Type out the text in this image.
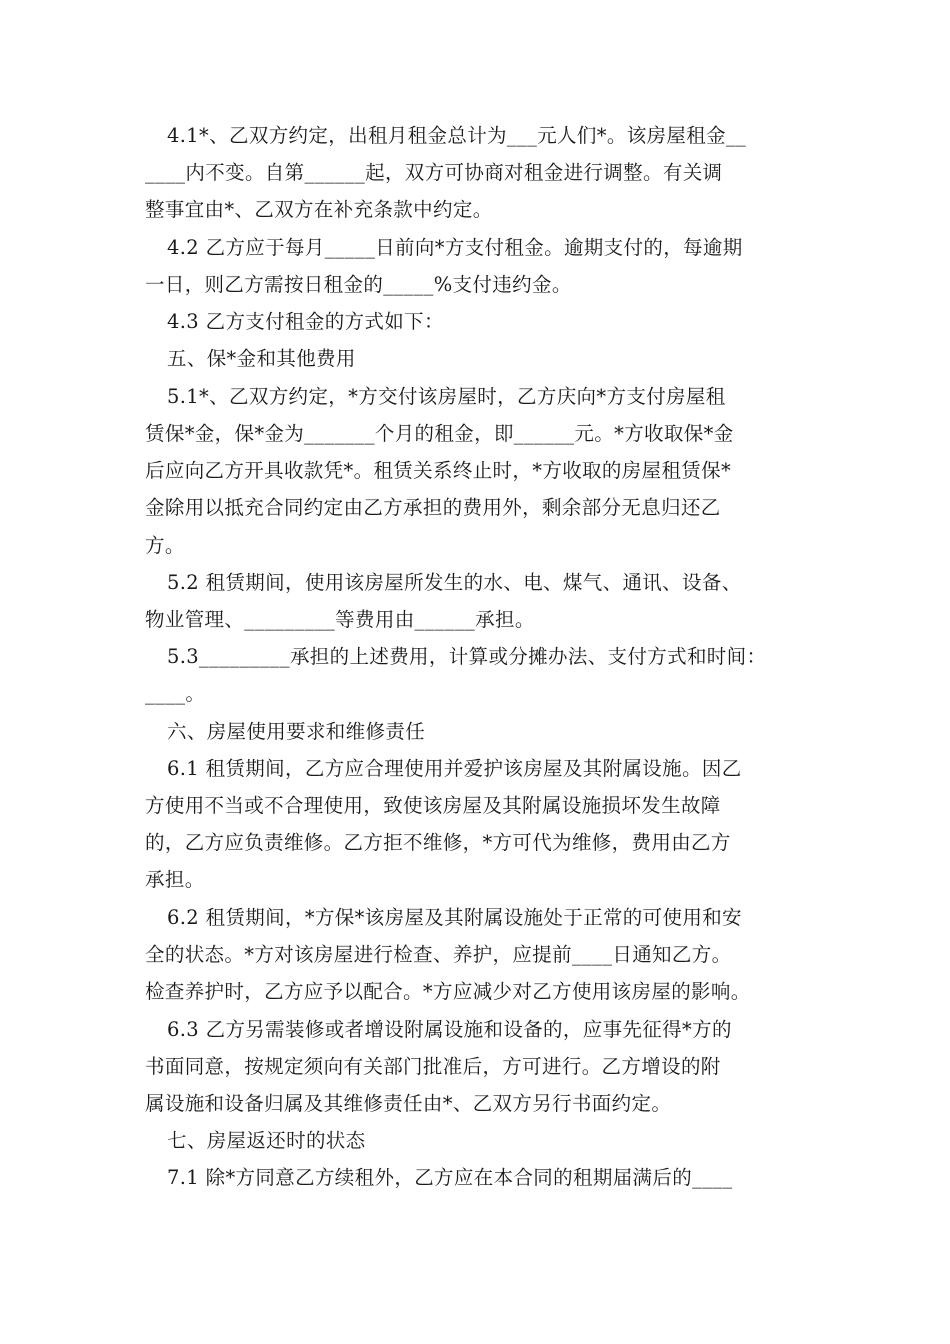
4.1*、乙双方约定，出租月租金总计为___元人们*。该房屋租金__

____内不变。自第______起，双方可协商对租金进行调整。有关调

整事宜由*、乙双方在补充条款中约定。

4.2 乙方应于每月_____日前向*方支付租金。逾期支付的，每逾期

一日，则乙方需按日租金的_____%支付违约金。

4.3 乙方支付租金的方式如下：

五、保*金和其他费用

5.1*、乙双方约定，*方交付该房屋时，乙方庆向*方支付房屋租

赁保*金，保*金为_______个月的租金，即______元。*方收取保*金

后应向乙方开具收款凭*。租赁关系终止时，*方收取的房屋租赁保*

金除用以抵充合同约定由乙方承担的费用外，剩余部分无息归还乙

方。

5.2 租赁期间，使用该房屋所发生的水、电、煤气、通讯、设备、

物业管理、_________等费用由______承担。

5.3_________承担的上述费用，计算或分摊办法、支付方式和时间：

____。

六、房屋使用要求和维修责任

6.1 租赁期间，乙方应合理使用并爱护该房屋及其附属设施。因乙

方使用不当或不合理使用，致使该房屋及其附属设施损坏发生故障

的，乙方应负责维修。乙方拒不维修，*方可代为维修，费用由乙方

承担。

6.2 租赁期间，*方保*该房屋及其附属设施处于正常的可使用和安

全的状态。*方对该房屋进行检查、养护，应提前____日通知乙方。

检查养护时，乙方应予以配合。*方应减少对乙方使用该房屋的影响。

6.3 乙方另需装修或者增设附属设施和设备的，应事先征得*方的

书面同意，按规定须向有关部门批准后，方可进行。乙方增设的附

属设施和设备归属及其维修责任由*、乙双方另行书面约定。

七、房屋返还时的状态

7.1 除*方同意乙方续租外，乙方应在本合同的租期届满后的____
